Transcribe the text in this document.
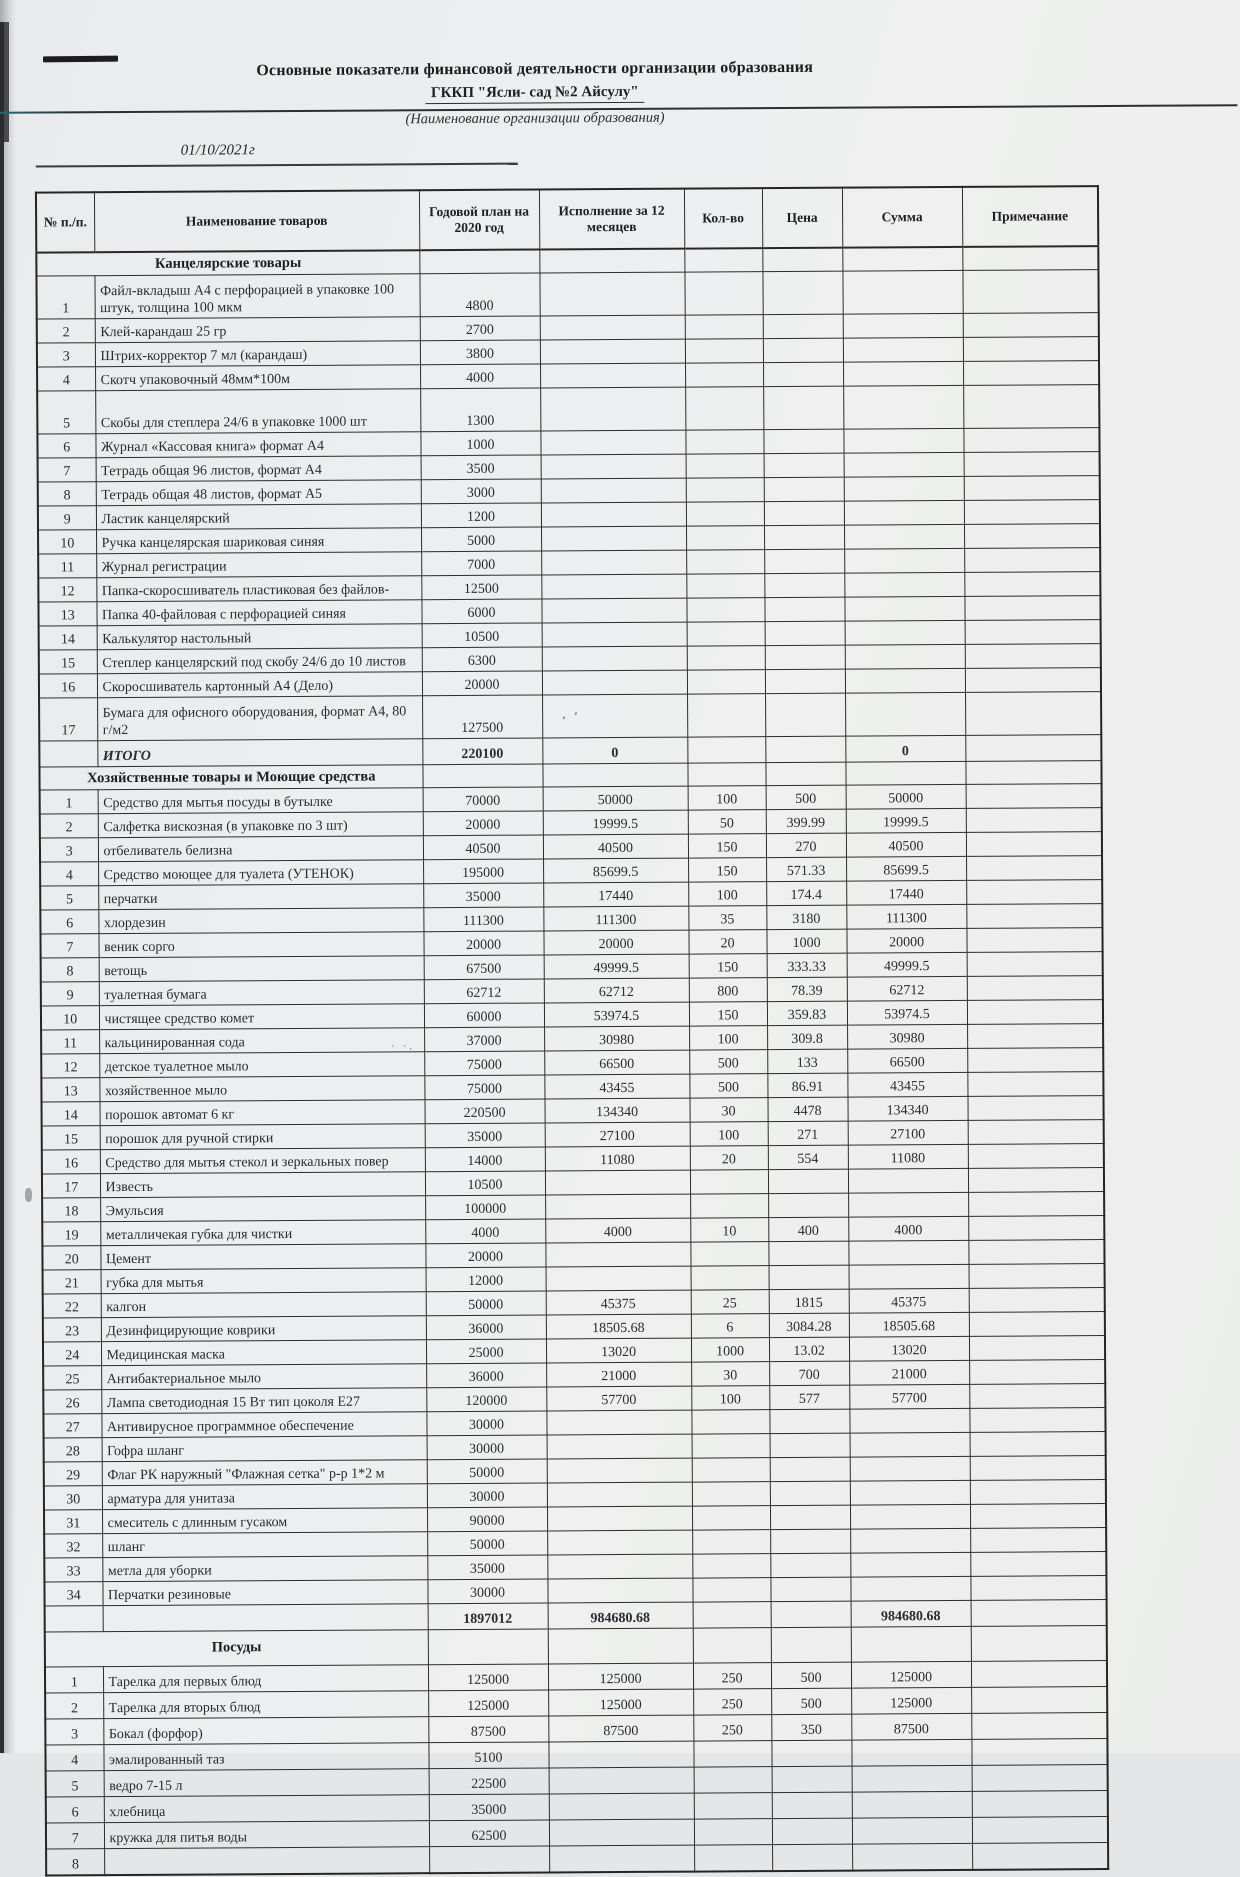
Основные показатели финансовой деятельности организации образования
ГККП "Ясли- сад №2 Айсулу"
(Наименование организации образования)
01/10/2021г
№ п./п.	Наименование товаров	Годовой план на 2020 год	Исполнение за 12 месяцев	Кол-во	Цена	Сумма	Примечание
Канцелярские товары							
1	Файл-вкладыш А4 с перфорацией в упаковке 100 штук, толщина 100 мкм	4800					
2	Клей-карандаш 25 гр	2700					
3	Штрих-корректор 7 мл (карандаш)	3800					
4	Скотч упаковочный 48мм*100м	4000					
5	Скобы для степлера 24/6 в упаковке 1000 шт	1300					
6	Журнал «Кассовая книга» формат А4	1000					
7	Тетрадь общая 96 листов, формат А4	3500					
8	Тетрадь общая 48 листов, формат А5	3000					
9	Ластик канцелярский	1200					
10	Ручка канцелярская шариковая синяя	5000					
11	Журнал регистрации	7000					
12	Папка-скоросшиватель пластиковая без файлов-	12500					
13	Папка 40-файловая с перфорацией синяя	6000					
14	Калькулятор настольный	10500					
15	Степлер канцелярский под скобу 24/6 до 10 листов	6300					
16	Скоросшиватель картонный А4 (Дело)	20000					
17	Бумага для офисного оборудования, формат А4, 80 г/м2	127500					
	ИТОГО	220100	0			0	
Хозяйственные товары и Моющие средства							
1	Средство для мытья посуды в бутылке	70000	50000	100	500	50000	
2	Салфетка вискозная (в упаковке по 3 шт)	20000	19999.5	50	399.99	19999.5	
3	отбеливатель белизна	40500	40500	150	270	40500	
4	Средство моющее для туалета (УТЕНОК)	195000	85699.5	150	571.33	85699.5	
5	перчатки	35000	17440	100	174.4	17440	
6	хлордезин	111300	111300	35	3180	111300	
7	веник сорго	20000	20000	20	1000	20000	
8	ветощь	67500	49999.5	150	333.33	49999.5	
9	туалетная бумага	62712	62712	800	78.39	62712	
10	чистящее средство комет	60000	53974.5	150	359.83	53974.5	
11	кальцинированная сода	37000	30980	100	309.8	30980	
12	детское туалетное мыло	75000	66500	500	133	66500	
13	хозяйственное мыло	75000	43455	500	86.91	43455	
14	порошок автомат 6 кг	220500	134340	30	4478	134340	
15	порошок для ручной стирки	35000	27100	100	271	27100	
16	Средство для мытья стекол и зеркальных повер	14000	11080	20	554	11080	
17	Известь	10500					
18	Эмульсия	100000					
19	металличекая губка для чистки	4000	4000	10	400	4000	
20	Цемент	20000					
21	губка для мытья	12000					
22	калгон	50000	45375	25	1815	45375	
23	Дезинфицирующие коврики	36000	18505.68	6	3084.28	18505.68	
24	Медицинская маска	25000	13020	1000	13.02	13020	
25	Антибактериальное мыло	36000	21000	30	700	21000	
26	Лампа светодиодная 15 Вт тип цоколя Е27	120000	57700	100	577	57700	
27	Антивирусное программное обеспечение	30000					
28	Гофра шланг	30000					
29	Флаг РК наружный "Флажная сетка" р-р 1*2 м	50000					
30	арматура для унитаза	30000					
31	смеситель с длинным гусаком	90000					
32	шланг	50000					
33	метла для уборки	35000					
34	Перчатки резиновые	30000					
		1897012	984680.68			984680.68	
Посуды							
1	Тарелка для первых блюд	125000	125000	250	500	125000	
2	Тарелка для вторых блюд	125000	125000	250	500	125000	
3	Бокал (форфор)	87500	87500	250	350	87500	
4	эмалированный таз	5100					
5	ведро 7-15 л	22500					
6	хлебница	35000					
7	кружка для питья воды	62500					
8							
, ’
· ·.
